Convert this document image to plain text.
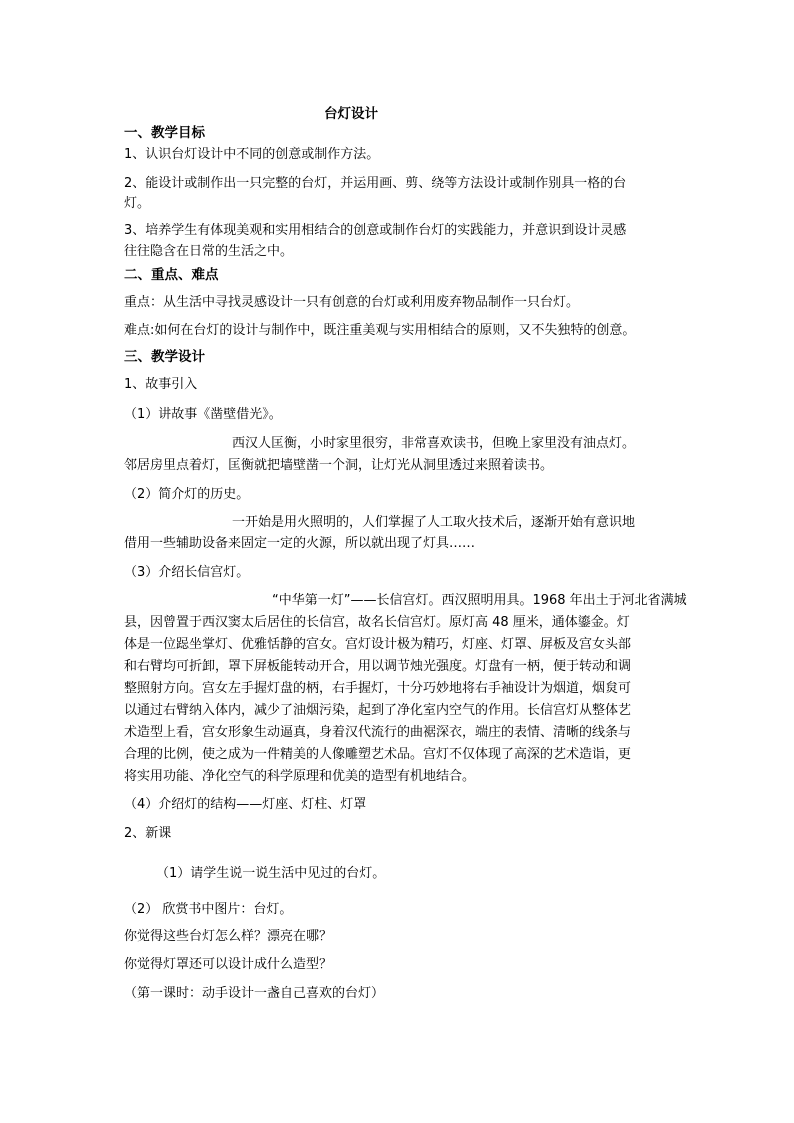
台灯设计
一、教学目标
1、认识台灯设计中不同的创意或制作方法。
2、能设计或制作出一只完整的台灯，并运用画、剪、绕等方法设计或制作别具一格的台
灯。
3、培养学生有体现美观和实用相结合的创意或制作台灯的实践能力，并意识到设计灵感
往往隐含在日常的生活之中。
二、重点、难点
重点：从生活中寻找灵感设计一只有创意的台灯或利用废弃物品制作一只台灯。
难点:如何在台灯的设计与制作中，既注重美观与实用相结合的原则，又不失独特的创意。
三、教学设计
1、故事引入
（1）讲故事《凿壁借光》。
西汉人匡衡，小时家里很穷，非常喜欢读书，但晚上家里没有油点灯。
邻居房里点着灯，匡衡就把墙壁凿一个洞，让灯光从洞里透过来照着读书。
（2）简介灯的历史。
一开始是用火照明的，人们掌握了人工取火技术后，逐渐开始有意识地
借用一些辅助设备来固定一定的火源，所以就出现了灯具……
（3）介绍长信宫灯。
“中华第一灯”——长信宫灯。西汉照明用具。1968 年出土于河北省满城
县，因曾置于西汉窦太后居住的长信宫，故名长信宫灯。原灯高 48 厘米，通体鎏金。灯
体是一位跽坐掌灯、优雅恬静的宫女。宫灯设计极为精巧，灯座、灯罩、屏板及宫女头部
和右臂均可折卸，罩下屏板能转动开合，用以调节烛光强度。灯盘有一柄，便于转动和调
整照射方向。宫女左手握灯盘的柄，右手握灯，十分巧妙地将右手袖设计为烟道，烟炱可
以通过右臂纳入体内，减少了油烟污染，起到了净化室内空气的作用。长信宫灯从整体艺
术造型上看，宫女形象生动逼真，身着汉代流行的曲裾深衣，端庄的表情、清晰的线条与
合理的比例，使之成为一件精美的人像雕塑艺术品。宫灯不仅体现了高深的艺术造诣，更
将实用功能、净化空气的科学原理和优美的造型有机地结合。
（4）介绍灯的结构——灯座、灯柱、灯罩
2、新课
（1）请学生说一说生活中见过的台灯。
（2） 欣赏书中图片：台灯。
你觉得这些台灯怎么样？漂亮在哪？
你觉得灯罩还可以设计成什么造型？
（第一课时：动手设计一盏自己喜欢的台灯）
